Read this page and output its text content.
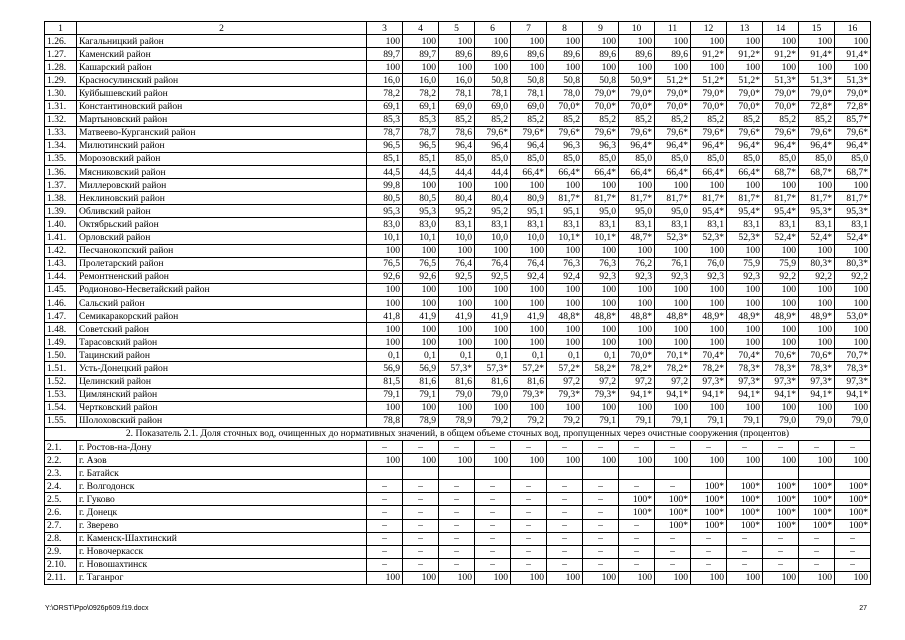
1	2	3	4	5	6	7	8	9	10	11	12	13	14	15	16
1.26.	Кагальницкий район	100	100	100	100	100	100	100	100	100	100	100	100	100	100
1.27.	Каменский район	89,7	89,7	89,6	89,6	89,6	89,6	89,6	89,6	89,6	91,2*	91,2*	91,2*	91,4*	91,4*
1.28.	Кашарский район	100	100	100	100	100	100	100	100	100	100	100	100	100	100
1.29.	Красносулинский район	16,0	16,0	16,0	50,8	50,8	50,8	50,8	50,9*	51,2*	51,2*	51,2*	51,3*	51,3*	51,3*
1.30.	Куйбышевский район	78,2	78,2	78,1	78,1	78,1	78,0	79,0*	79,0*	79,0*	79,0*	79,0*	79,0*	79,0*	79,0*
1.31.	Константиновский район	69,1	69,1	69,0	69,0	69,0	70,0*	70,0*	70,0*	70,0*	70,0*	70,0*	70,0*	72,8*	72,8*
1.32.	Мартыновский район	85,3	85,3	85,2	85,2	85,2	85,2	85,2	85,2	85,2	85,2	85,2	85,2	85,2	85,7*
1.33.	Матвеево-Курганский район	78,7	78,7	78,6	79,6*	79,6*	79,6*	79,6*	79,6*	79,6*	79,6*	79,6*	79,6*	79,6*	79,6*
1.34.	Милютинский район	96,5	96,5	96,4	96,4	96,4	96,3	96,3	96,4*	96,4*	96,4*	96,4*	96,4*	96,4*	96,4*
1.35.	Морозовский район	85,1	85,1	85,0	85,0	85,0	85,0	85,0	85,0	85,0	85,0	85,0	85,0	85,0	85,0
1.36.	Мясниковский район	44,5	44,5	44,4	44,4	66,4*	66,4*	66,4*	66,4*	66,4*	66,4*	66,4*	68,7*	68,7*	68,7*
1.37.	Миллеровский район	99,8	100	100	100	100	100	100	100	100	100	100	100	100	100
1.38.	Неклиновский район	80,5	80,5	80,4	80,4	80,9	81,7*	81,7*	81,7*	81,7*	81,7*	81,7*	81,7*	81,7*	81,7*
1.39.	Обливский район	95,3	95,3	95,2	95,2	95,1	95,1	95,0	95,0	95,0	95,4*	95,4*	95,4*	95,3*	95,3*
1.40.	Октябрьский район	83,0	83,0	83,1	83,1	83,1	83,1	83,1	83,1	83,1	83,1	83,1	83,1	83,1	83,1
1.41.	Орловский район	10,1	10,1	10,0	10,0	10,0	10,1*	10,1*	48,7*	52,3*	52,3*	52,3*	52,4*	52,4*	52,4*
1.42.	Песчанокопский район	100	100	100	100	100	100	100	100	100	100	100	100	100	100
1.43.	Пролетарский район	76,5	76,5	76,4	76,4	76,4	76,3	76,3	76,2	76,1	76,0	75,9	75,9	80,3*	80,3*
1.44.	Ремонтненский район	92,6	92,6	92,5	92,5	92,4	92,4	92,3	92,3	92,3	92,3	92,3	92,2	92,2	92,2
1.45.	Родионово-Несветайский район	100	100	100	100	100	100	100	100	100	100	100	100	100	100
1.46.	Сальский район	100	100	100	100	100	100	100	100	100	100	100	100	100	100
1.47.	Семикаракорский район	41,8	41,9	41,9	41,9	41,9	48,8*	48,8*	48,8*	48,8*	48,9*	48,9*	48,9*	48,9*	53,0*
1.48.	Советский район	100	100	100	100	100	100	100	100	100	100	100	100	100	100
1.49.	Тарасовский район	100	100	100	100	100	100	100	100	100	100	100	100	100	100
1.50.	Тацинский район	0,1	0,1	0,1	0,1	0,1	0,1	0,1	70,0*	70,1*	70,4*	70,4*	70,6*	70,6*	70,7*
1.51.	Усть-Донецкий район	56,9	56,9	57,3*	57,3*	57,2*	57,2*	58,2*	78,2*	78,2*	78,2*	78,3*	78,3*	78,3*	78,3*
1.52.	Целинский район	81,5	81,6	81,6	81,6	81,6	97,2	97,2	97,2	97,2	97,3*	97,3*	97,3*	97,3*	97,3*
1.53.	Цимлянский район	79,1	79,1	79,0	79,0	79,3*	79,3*	79,3*	94,1*	94,1*	94,1*	94,1*	94,1*	94,1*	94,1*
1.54.	Чертковский район	100	100	100	100	100	100	100	100	100	100	100	100	100	100
1.55.	Шолоховский район	78,8	78,9	78,9	79,2	79,2	79,2	79,1	79,1	79,1	79,1	79,1	79,0	79,0	79,0
2. Показатель 2.1. Доля сточных вод, очищенных до нормативных значений, в общем объеме сточных вод, пропущенных через очистные сооружения (процентов)															
2.1.	г. Ростов-на-Дону	–	–	–	–	–	–	–	–	–	–	–	–	–	–
2.2.	г. Азов	100	100	100	100	100	100	100	100	100	100	100	100	100	100
2.3.	г. Батайск														
2.4.	г. Волгодонск	–	–	–	–	–	–	–	–	–	100*	100*	100*	100*	100*
2.5.	г. Гуково	–	–	–	–	–	–	–	100*	100*	100*	100*	100*	100*	100*
2.6.	г. Донецк	–	–	–	–	–	–	–	100*	100*	100*	100*	100*	100*	100*
2.7.	г. Зверево	–	–	–	–	–	–	–	–	100*	100*	100*	100*	100*	100*
2.8.	г. Каменск-Шахтинский	–	–	–	–	–	–	–	–	–	–	–	–	–	–
2.9.	г. Новочеркасск	–	–	–	–	–	–	–	–	–	–	–	–	–	–
2.10.	г. Новошахтинск	–	–	–	–	–	–	–	–	–	–	–	–	–	–
2.11.	г. Таганрог	100	100	100	100	100	100	100	100	100	100	100	100	100	100
Y:\ORST\Ppo\0926p609.f19.docx	27
